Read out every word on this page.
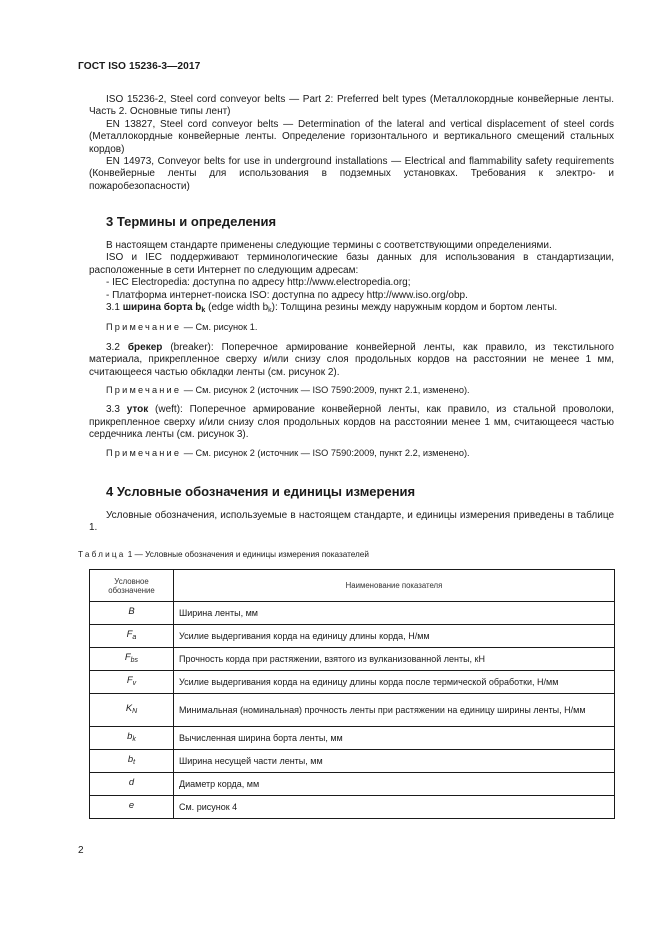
ГОСТ ISO 15236-3—2017

ISO 15236-2, Steel cord conveyor belts — Part 2: Preferred belt types (Металлокордные конвейерные ленты. Часть 2. Основные типы лент)

EN 13827, Steel cord conveyor belts — Determination of the lateral and vertical displacement of steel cords (Металлокордные конвейерные ленты. Определение горизонтального и вертикального смещений стальных кордов)

EN 14973, Conveyor belts for use in underground installations — Electrical and flammability safety requirements (Конвейерные ленты для использования в подземных установках. Требования к электро- и пожаробезопасности)

3 Термины и определения

В настоящем стандарте применены следующие термины с соответствующими определениями.

ISO и IEC поддерживают терминологические базы данных для использования в стандартизации, расположенные в сети Интернет по следующим адресам:

- IEC Electropedia: доступна по адресу http://www.electropedia.org;

- Платформа интернет-поиска ISO: доступна по адресу http://www.iso.org/obp.

3.1 ширина борта $b_k$ (edge width $b_k$): Толщина резины между наружным кордом и бортом ленты.

Примечание — См. рисунок 1.

3.2 брекер (breaker): Поперечное армирование конвейерной ленты, как правило, из текстильного материала, прикрепленное сверху и/или снизу слоя продольных кордов на расстоянии не менее 1 мм, считающееся частью обкладки ленты (см. рисунок 2).

Примечание — См. рисунок 2 (источник — ISO 7590:2009, пункт 2.1, изменено).

3.3 уток (weft): Поперечное армирование конвейерной ленты, как правило, из стальной проволоки, прикрепленное сверху и/или снизу слоя продольных кордов на расстоянии менее 1 мм, считающееся частью сердечника ленты (см. рисунок 3).

Примечание — См. рисунок 2 (источник — ISO 7590:2009, пункт 2.2, изменено).

4 Условные обозначения и единицы измерения

Условные обозначения, используемые в настоящем стандарте, и единицы измерения приведены в таблице 1.

Таблица 1 — Условные обозначения и единицы измерения показателей
Условное обозначение	Наименование показателя
B	Ширина ленты, мм
$F_a$	Усилие выдергивания корда на единицу длины корда, Н/мм
$F_{bs}$	Прочность корда при растяжении, взятого из вулканизованной ленты, кН
$F_v$	Усилие выдергивания корда на единицу длины корда после термической обработки, Н/мм
$K_N$	Минимальная (номинальная) прочность ленты при растяжении на единицу ширины ленты, Н/мм
$b_k$	Вычисленная ширина борта ленты, мм
$b_t$	Ширина несущей части ленты, мм
d	Диаметр корда, мм
e	См. рисунок 4
2
